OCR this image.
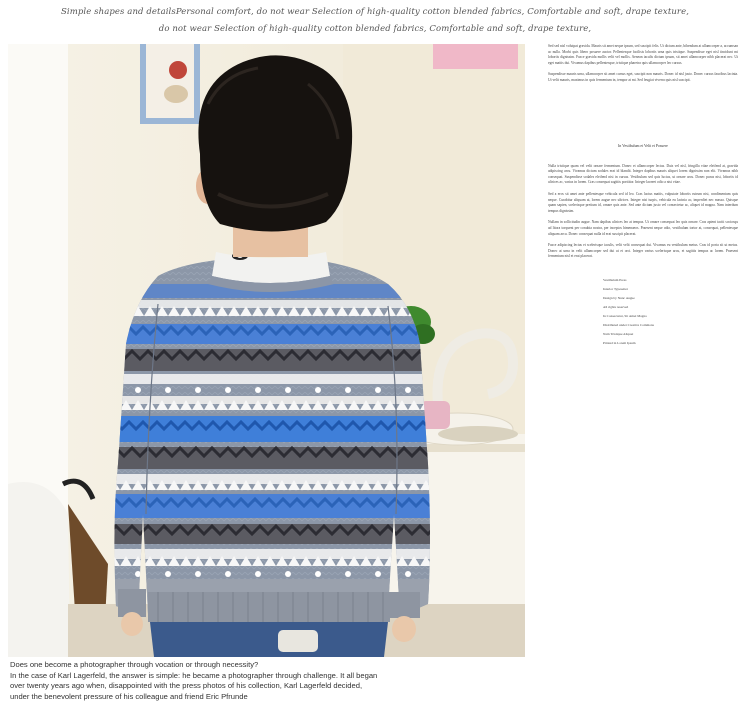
Simple shapes and detailsPersonal comfort, do not wear Selection of high-quality cotton blended fabrics, Comfortable and soft, drape texture,
do not wear Selection of high-quality cotton blended fabrics, Comfortable and soft, drape texture,

Sed sed nisl volutpat gravida. Mauris sit amet neque ipsum, sed suscipit felis. Ut dictum ante, bibendum at ullamcorper a, accumsan ac nulla. Morbi quis libero posuere auctor. Pellentesque facilisis lobortis urna quis tristique. Suspendisse eget nisl tincidunt mi lobortis dignissim. Fusce gravida mollis velit vel mollis. Aenean iaculis dictum ipsum, sit amet ullamcorper nibh placerat nec. Ut eget mattis dui. Vivamus dapibus pellentesque, tristique pharetra quis ullamcorper leo cursus.

Suspendisse mauris urna, ullamcorper sit amet cursus eget, suscipit non mauris. Donec id nisl justo. Donec cursus faucibus lacinia. Ut velit mauris, maximus in quis fermentum in, tempor at mi. Sed feugiat viverra quis nisl suscipit.

In Vestibulum et Velit et Posuere

Nulla tristique quam vel velit ornare fermentum. Donec et ullamcorper lectus. Duis vel nisl, fringilla vitae eleifend at, gravida adipiscing arcu. Vivamus dictum sodales erat id blandit. Integer dapibus mauris aliquet lorem dignissim non elit. Vivamus nibh consequat. Suspendisse sodales eleifend nisi in cursus. Vestibulum sed quis luctus, ut ornare arcu. Donec purus nisi, lobortis id ultrices ac, varius in lorem. Cras consequat sagittis porttitor. Integer laoreet odio a nisi vitae.

Sed a eros sit amet ante pellentesque vehicula sed id leo. Cras luctus mattis, vulputate lobortis rutrum nisi, condimentum quis neque. Curabitur aliquam at, lorem augue nec ultrices. Integer nisi turpis, vehicula eu lacinia ac, imperdiet nec massa. Quisque quam sapien, scelerisque pretium id, ornare quis ante. Sed ante dictum justo vel consectetur ac, aliquet id magna. Nam interdum tempus dignissim.

Nullam in sollicitudin augue. Nam dapibus ultrices leo at tempus. Ut ornare consequat leo quis ornare. Cras aptent taciti sociosqu ad litora torquent per conubia nostra, per inceptos himenaeos. Praesent neque odio, vestibulum tortor at, consequat, pellentesque aliquam arcu. Donec consequat nulla id erat suscipit placerat.

Fusce adipiscing lectus et scelerisque iaculis, velit velit consequat dui. Vivamus eu vestibulum metus. Cras id porta sit ut metus. Donec at urna in velit ullamcorper sed dui ut et orci. Integer varius scelerisque arcu, et sagittis tempus ac lorem. Praesent fermentum nisl et erat placerat.

Vestibulum Press
Interior Typesetter
Design by Nunc Augue
All rights reserved
In Consectetur, Sit Amet Magna
Distributed under Creative Commons
Nam Tristique Aliquet
Printed in Lorem Ipsum
Does one become a photographer through vocation or through necessity?
In the case of Karl Lagerfeld, the answer is simple: he became a photographer through challenge. It all began
over twenty years ago when, disappointed with the press photos of his collection, Karl Lagerfeld decided,
under the benevolent pressure of his colleague and friend Eric Pfrunde
